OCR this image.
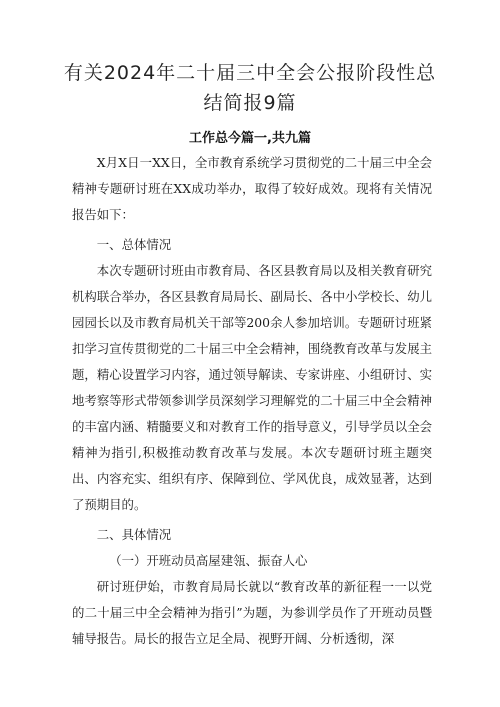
有关2024年二十届三中全会公报阶段性总
结简报9篇
工作总今篇一,共九篇

X月X日一XX日，全市教育系统学习贯彻党的二十届三中全会精神专题研讨班在XX成功举办，取得了较好成效。现将有关情况报告如下：

一、总体情况

本次专题研讨班由市教育局、各区县教育局以及相关教育研究机构联合举办，各区县教育局局长、副局长、各中小学校长、幼儿园园长以及市教育局机关干部等200余人参加培训。专题研讨班紧扣学习宣传贯彻党的二十届三中全会精神，围绕教育改革与发展主题，精心设置学习内容，通过领导解读、专家讲座、小组研讨、实地考察等形式带领参训学员深刻学习理解党的二十届三中全会精神的丰富内涵、精髓要义和对教育工作的指导意义，引导学员以全会精神为指引,积极推动教育改革与发展。本次专题研讨班主题突出、内容充实、组织有序、保障到位、学风优良，成效显著，达到了预期目的。

二、具体情况

（一）开班动员高屋建瓴、振奋人心

研讨班伊始，市教育局局长就以“教育改革的新征程一一以党的二十届三中全会精神为指引”为题，为参训学员作了开班动员暨辅导报告。局长的报告立足全局、视野开阔、分析透彻，深
